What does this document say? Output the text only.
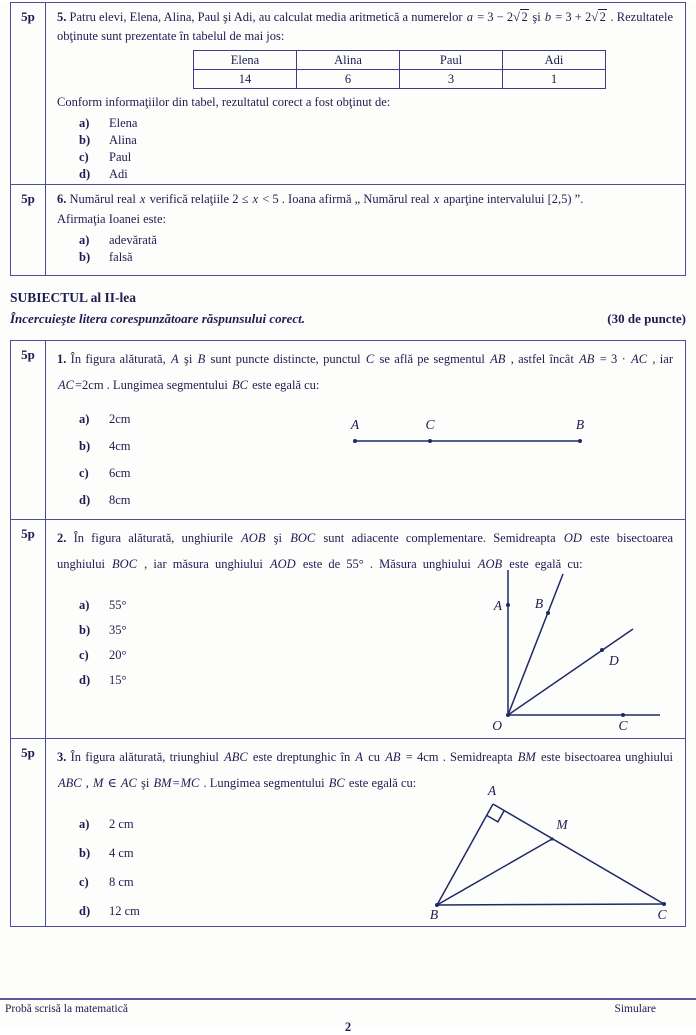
5p	5. Patru elevi, Elena, Alina, Paul şi Adi, au calculat media aritmetică a numerelor a = 3 − 2√ 2 şi b = 3 + 2√ 2 . Rezultatele obţinute sunt prezentate în tabelul de mai jos:

Elena	Alina	Paul	Adi
14	6	3	1

Conform informaţiilor din tabel, rezultatul corect a fost obţinut de:

a)	Elena
b)	Alina
c)	Paul
d)	Adi
5p	6. Numărul real x verifică relaţiile 2 ≤ x < 5 . Ioana afirmă „ Numărul real x aparţine intervalului [2,5) ”.

Afirmaţia Ioanei este:

a)	adevărată
b)	falsă
SUBIECTUL al II-lea
Încercuieşte litera corespunzătoare răspunsului corect.	(30 de puncte)
5p	1. În figura alăturată, A şi B sunt puncte distincte, punctul C se află pe segmentul AB , astfel încât AB = 3 · AC , iar AC=2cm . Lungimea segmentului BC este egală cu:

a)	2cm
b)	4cm
c)	6cm
d)	8cm
A	C	B
5p	2. În figura alăturată, unghiurile AOB şi BOC sunt adiacente complementare. Semidreapta OD este bisectoarea unghiului BOC , iar măsura unghiului AOD este de 55° . Măsura unghiului AOB este egală cu:

a)	55°
b)	35°
c)	20°
d)	15°
A B
D
O	C
5p	3. În figura alăturată, triunghiul ABC este dreptunghic în A cu AB = 4cm . Semidreapta BM este bisectoarea unghiului ABC , M ∈ AC şi BM=MC . Lungimea segmentului BC este egală cu:

a)	2 cm
b)	4 cm
c)	8 cm
d)	12 cm
A
B	C
M
Probă scrisă la matematică	Simulare
2
